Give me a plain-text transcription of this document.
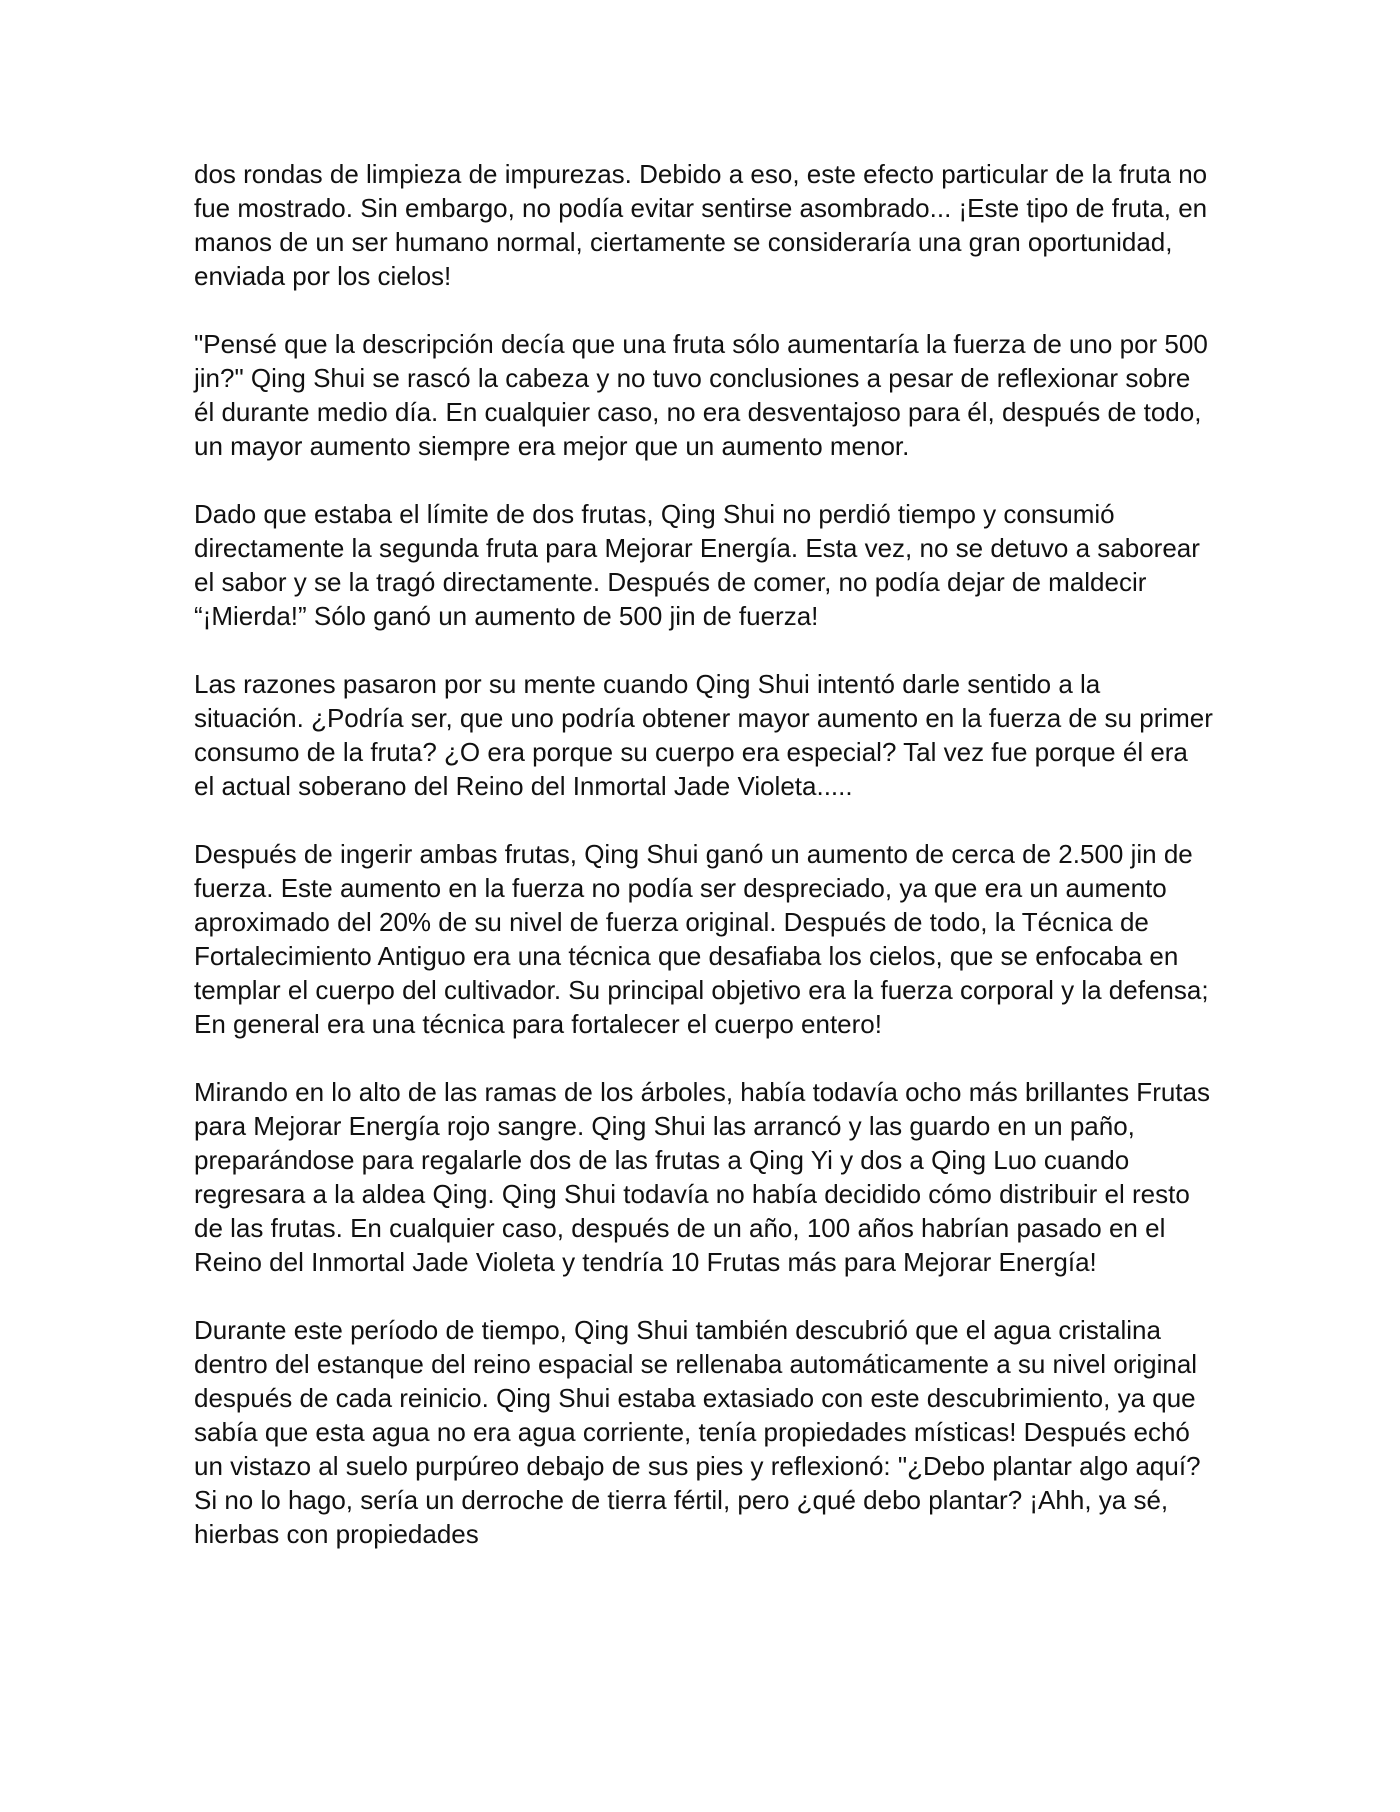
dos rondas de limpieza de impurezas. Debido a eso, este efecto particular de la fruta no fue mostrado. Sin embargo, no podía evitar sentirse asombrado... ¡Este tipo de fruta, en manos de un ser humano normal, ciertamente se consideraría una gran oportunidad, enviada por los cielos!

"Pensé que la descripción decía que una fruta sólo aumentaría la fuerza de uno por 500 jin?" Qing Shui se rascó la cabeza y no tuvo conclusiones a pesar de reflexionar sobre él durante medio día. En cualquier caso, no era desventajoso para él, después de todo, un mayor aumento siempre era mejor que un aumento menor.

Dado que estaba el límite de dos frutas, Qing Shui no perdió tiempo y consumió directamente la segunda fruta para Mejorar Energía. Esta vez, no se detuvo a saborear el sabor y se la tragó directamente. Después de comer, no podía dejar de maldecir “¡Mierda!” Sólo ganó un aumento de 500 jin de fuerza!

Las razones pasaron por su mente cuando Qing Shui intentó darle sentido a la situación. ¿Podría ser, que uno podría obtener mayor aumento en la fuerza de su primer consumo de la fruta? ¿O era porque su cuerpo era especial? Tal vez fue porque él era el actual soberano del Reino del Inmortal Jade Violeta.....

Después de ingerir ambas frutas, Qing Shui ganó un aumento de cerca de 2.500 jin de fuerza. Este aumento en la fuerza no podía ser despreciado, ya que era un aumento aproximado del 20% de su nivel de fuerza original. Después de todo, la Técnica de Fortalecimiento Antiguo era una técnica que desafiaba los cielos, que se enfocaba en templar el cuerpo del cultivador. Su principal objetivo era la fuerza corporal y la defensa; En general era una técnica para fortalecer el cuerpo entero!

Mirando en lo alto de las ramas de los árboles, había todavía ocho más brillantes Frutas para Mejorar Energía rojo sangre. Qing Shui las arrancó y las guardo en un paño, preparándose para regalarle dos de las frutas a Qing Yi y dos a Qing Luo cuando regresara a la aldea Qing. Qing Shui todavía no había decidido cómo distribuir el resto de las frutas. En cualquier caso, después de un año, 100 años habrían pasado en el Reino del Inmortal Jade Violeta y tendría 10 Frutas más para Mejorar Energía!

Durante este período de tiempo, Qing Shui también descubrió que el agua cristalina dentro del estanque del reino espacial se rellenaba automáticamente a su nivel original después de cada reinicio. Qing Shui estaba extasiado con este descubrimiento, ya que sabía que esta agua no era agua corriente, tenía propiedades místicas! Después echó un vistazo al suelo purpúreo debajo de sus pies y reflexionó: "¿Debo plantar algo aquí? Si no lo hago, sería un derroche de tierra fértil, pero ¿qué debo plantar? ¡Ahh, ya sé, hierbas con propiedades
